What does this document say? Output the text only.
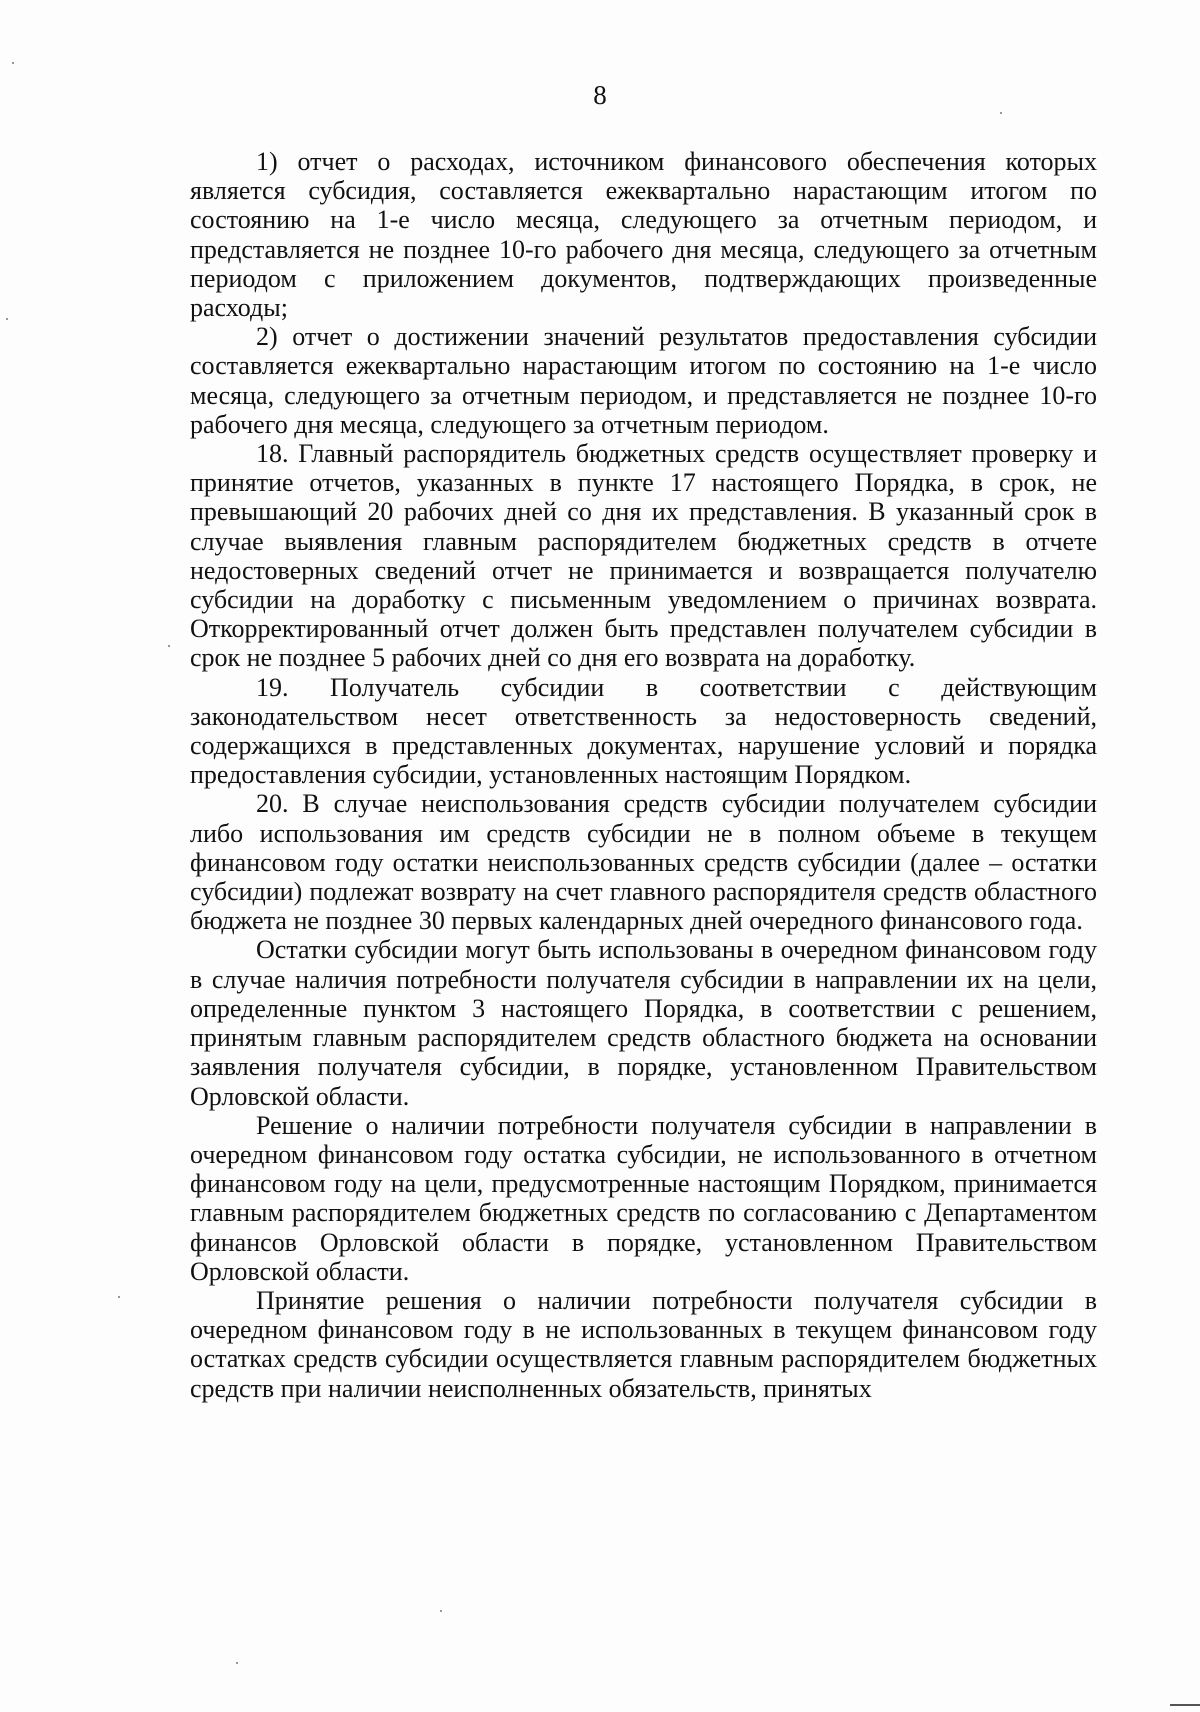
8

1) отчет о расходах, источником финансового обеспечения которых является субсидия, составляется ежеквартально нарастающим итогом по состоянию на 1-е число месяца, следующего за отчетным периодом, и представляется не позднее 10-го рабочего дня месяца, следующего за отчетным периодом с приложением документов, подтверждающих произведенные расходы;

2) отчет о достижении значений результатов предоставления субсидии составляется ежеквартально нарастающим итогом по состоянию на 1-е число месяца, следующего за отчетным периодом, и представляется не позднее 10-го рабочего дня месяца, следующего за отчетным периодом.

18. Главный распорядитель бюджетных средств осуществляет проверку и принятие отчетов, указанных в пункте 17 настоящего Порядка, в срок, не превышающий 20 рабочих дней со дня их представления. В указанный срок в случае выявления главным распорядителем бюджетных средств в отчете недостоверных сведений отчет не принимается и возвращается получателю субсидии на доработку с письменным уведомлением о причинах возврата. Откорректированный отчет должен быть представлен получателем субсидии в срок не позднее 5 рабочих дней со дня его возврата на доработку.

19. Получатель субсидии в соответствии с действующим законодательством несет ответственность за недостоверность сведений, содержащихся в представленных документах, нарушение условий и порядка предоставления субсидии, установленных настоящим Порядком.

20. В случае неиспользования средств субсидии получателем субсидии либо использования им средств субсидии не в полном объеме в текущем финансовом году остатки неиспользованных средств субсидии (далее – остатки субсидии) подлежат возврату на счет главного распорядителя средств областного бюджета не позднее 30 первых календарных дней очередного финансового года.

Остатки субсидии могут быть использованы в очередном финансовом году в случае наличия потребности получателя субсидии в направлении их на цели, определенные пунктом 3 настоящего Порядка, в соответствии с решением, принятым главным распорядителем средств областного бюджета на основании заявления получателя субсидии, в порядке, установленном Правительством Орловской области.

Решение о наличии потребности получателя субсидии в направлении в очередном финансовом году остатка субсидии, не использованного в отчетном финансовом году на цели, предусмотренные настоящим Порядком, принимается главным распорядителем бюджетных средств по согласованию с Департаментом финансов Орловской области в порядке, установленном Правительством Орловской области.

Принятие решения о наличии потребности получателя субсидии в очередном финансовом году в не использованных в текущем финансовом году остатках средств субсидии осуществляется главным распорядителем бюджетных средств при наличии неисполненных обязательств, принятых
